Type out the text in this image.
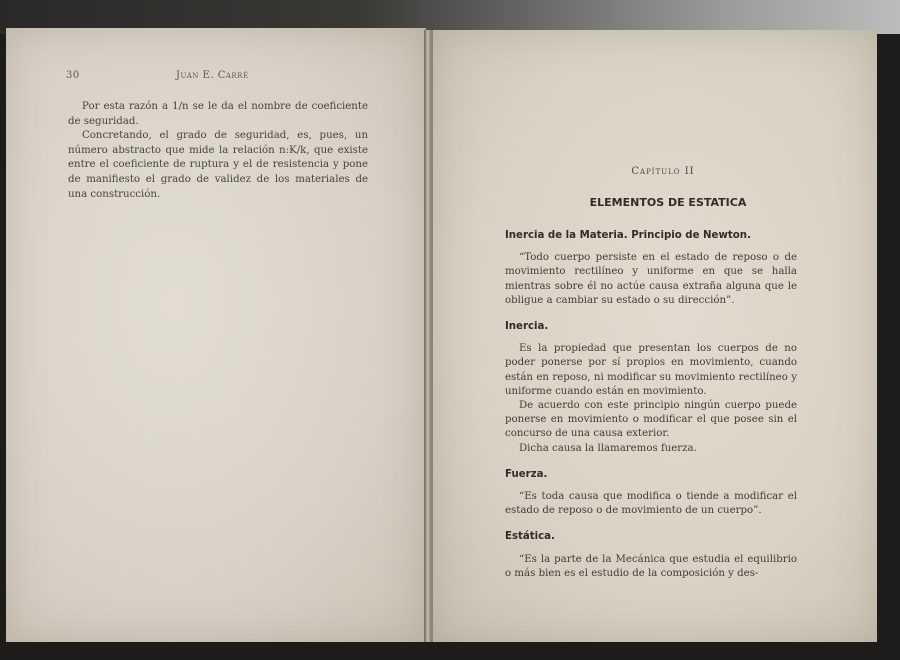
30	Juan E. Carré

Por esta razón a 1/n se le da el nombre de coeficiente de seguridad.

Concretando, el grado de seguridad, es, pues, un número abstracto que mide la relación n:K/k, que existe entre el coeficiente de ruptura y el de resistencia y pone de manifiesto el grado de validez de los materiales de una construcción.

Capítulo II
ELEMENTOS DE ESTATICA
Inercia de la Materia. Principio de Newton.

“Todo cuerpo persiste en el estado de reposo o de movimiento rectilíneo y uniforme en que se halla mientras sobre él no actúe causa extraña alguna que le obligue a cambiar su estado o su dirección”.

Inercia.

Es la propiedad que presentan los cuerpos de no poder ponerse por sí propios en movimiento, cuando están en reposo, ni modificar su movimiento rectilíneo y uniforme cuando están en movimiento.

De acuerdo con este principio ningún cuerpo puede ponerse en movimiento o modificar el que posee sin el concurso de una causa exterior.

Dicha causa la llamaremos fuerza.

Fuerza.

“Es toda causa que modifica o tiende a modificar el estado de reposo o de movimiento de un cuerpo”.

Estática.

“Es la parte de la Mecánica que estudia el equilibrio o más bien es el estudio de la composición y des-
